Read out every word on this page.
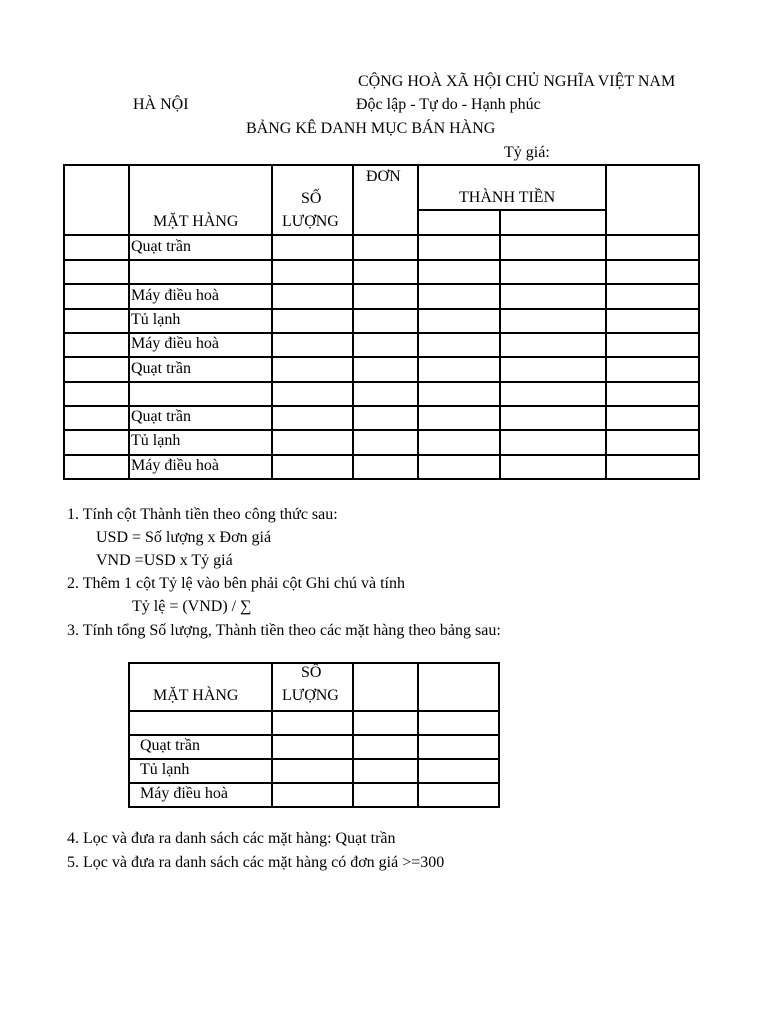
CỘNG HOÀ XÃ HỘI CHỦ NGHĨA VIỆT NAM
HÀ NỘI	Độc lập - Tự do - Hạnh phúc
BẢNG KÊ DANH MỤC BÁN HÀNG
Tỷ giá:
MẶT HÀNG
SỐ
LƯỢNG
ĐƠN
THÀNH TIỀN
Quạt trần
Máy điều hoà
Tủ lạnh
Máy điều hoà
Quạt trần
Quạt trần
Tủ lạnh
Máy điều hoà
1. Tính cột Thành tiền theo công thức sau:
USD = Số lượng x Đơn giá
VND =USD x Tỷ giá
2. Thêm 1 cột Tỷ lệ vào bên phải cột Ghi chú và tính
Tỷ lệ = (VND) / ∑
3. Tính tổng Số lượng, Thành tiền theo các mặt hàng theo bảng sau:
MẶT HÀNG
SỐ
LƯỢNG
Quạt trần
Tủ lạnh
Máy điều hoà
4. Lọc và đưa ra danh sách các mặt hàng: Quạt trần
5. Lọc và đưa ra danh sách các mặt hàng có đơn giá >=300
